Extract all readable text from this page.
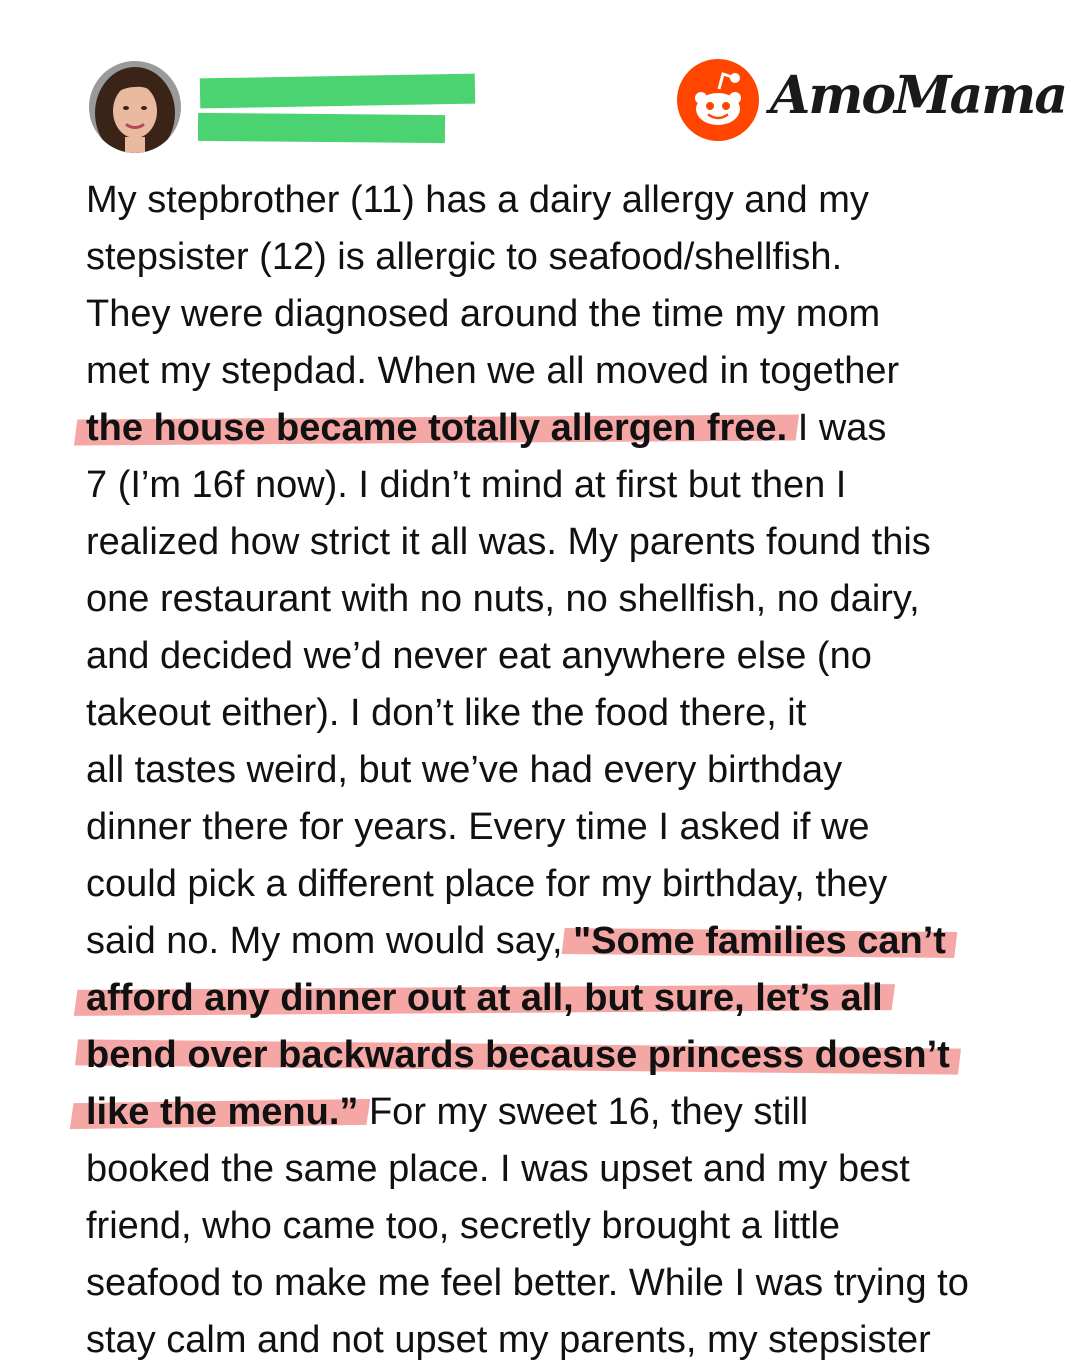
AmoMama
My stepbrother (11) has a dairy allergy and my
stepsister (12) is allergic to seafood/shellfish.
They were diagnosed around the time my mom
met my stepdad. When we all moved in together
the house became totally allergen free. I was
7 (I’m 16f now). I didn’t mind at first but then I
realized how strict it all was. My parents found this
one restaurant with no nuts, no shellfish, no dairy,
and decided we’d never eat anywhere else (no
takeout either). I don’t like the food there, it
all tastes weird, but we’ve had every birthday
dinner there for years. Every time I asked if we
could pick a different place for my birthday, they
said no. My mom would say, "Some families can’t
afford any dinner out at all, but sure, let’s all
bend over backwards because princess doesn’t
like the menu.” For my sweet 16, they still
booked the same place. I was upset and my best
friend, who came too, secretly brought a little
seafood to make me feel better. While I was trying to
stay calm and not upset my parents, my stepsister
